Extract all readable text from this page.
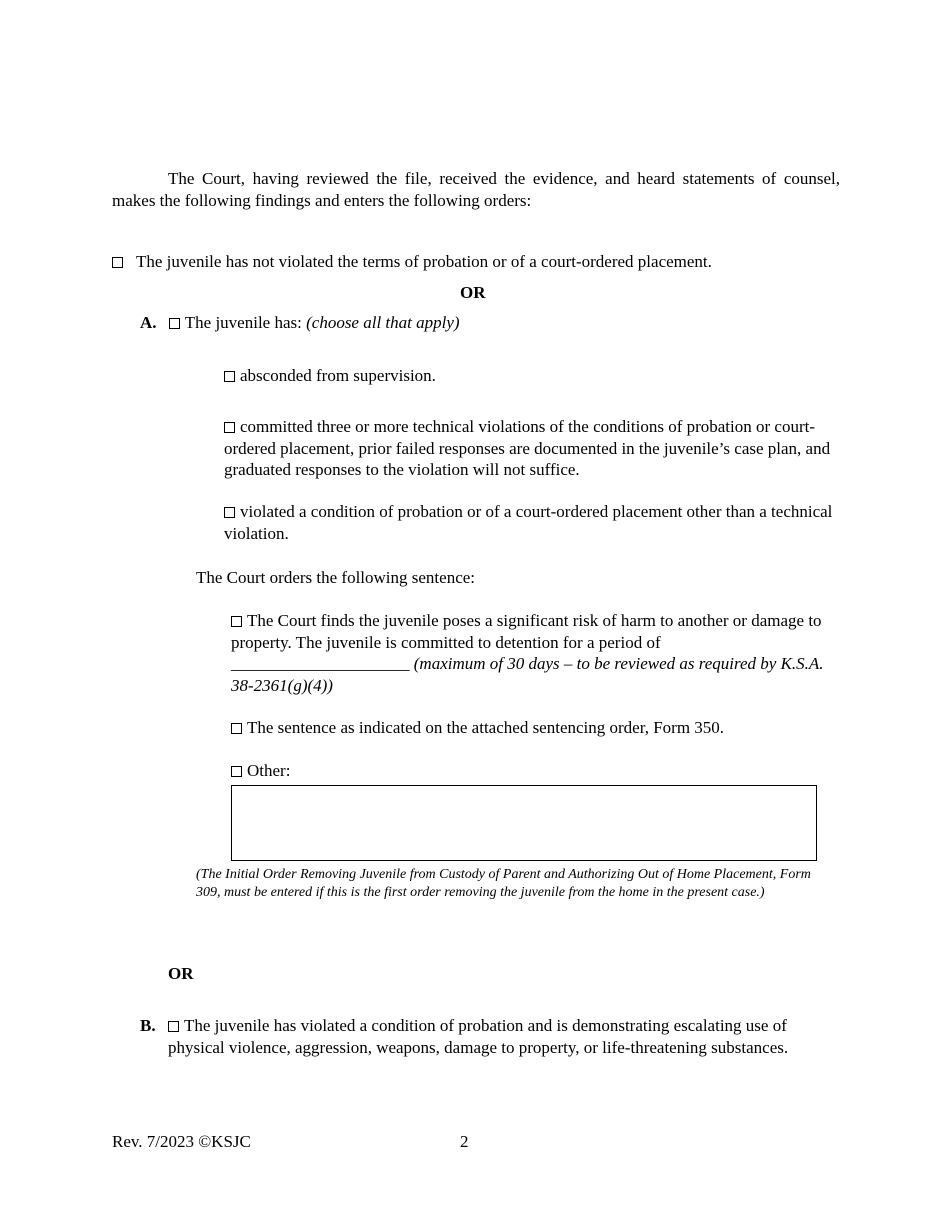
The Court, having reviewed the file, received the evidence, and heard statements of counsel, makes the following findings and enters the following orders:
The juvenile has not violated the terms of probation or of a court-ordered placement.
OR
A. The juvenile has: (choose all that apply)
absconded from supervision.
committed three or more technical violations of the conditions of probation or court-ordered placement, prior failed responses are documented in the juvenile’s case plan, and graduated responses to the violation will not suffice.
violated a condition of probation or of a court-ordered placement other than a technical violation.
The Court orders the following sentence:
The Court finds the juvenile poses a significant risk of harm to another or damage to property. The juvenile is committed to detention for a period of _____________________ (maximum of 30 days – to be reviewed as required by K.S.A. 38-2361(g)(4))
The sentence as indicated on the attached sentencing order, Form 350.
Other:
(The Initial Order Removing Juvenile from Custody of Parent and Authorizing Out of Home Placement, Form 309, must be entered if this is the first order removing the juvenile from the home in the present case.)
OR
B.	The juvenile has violated a condition of probation and is demonstrating escalating use of physical violence, aggression, weapons, damage to property, or life-threatening substances.
Rev. 7/2023 ©KSJC	2
